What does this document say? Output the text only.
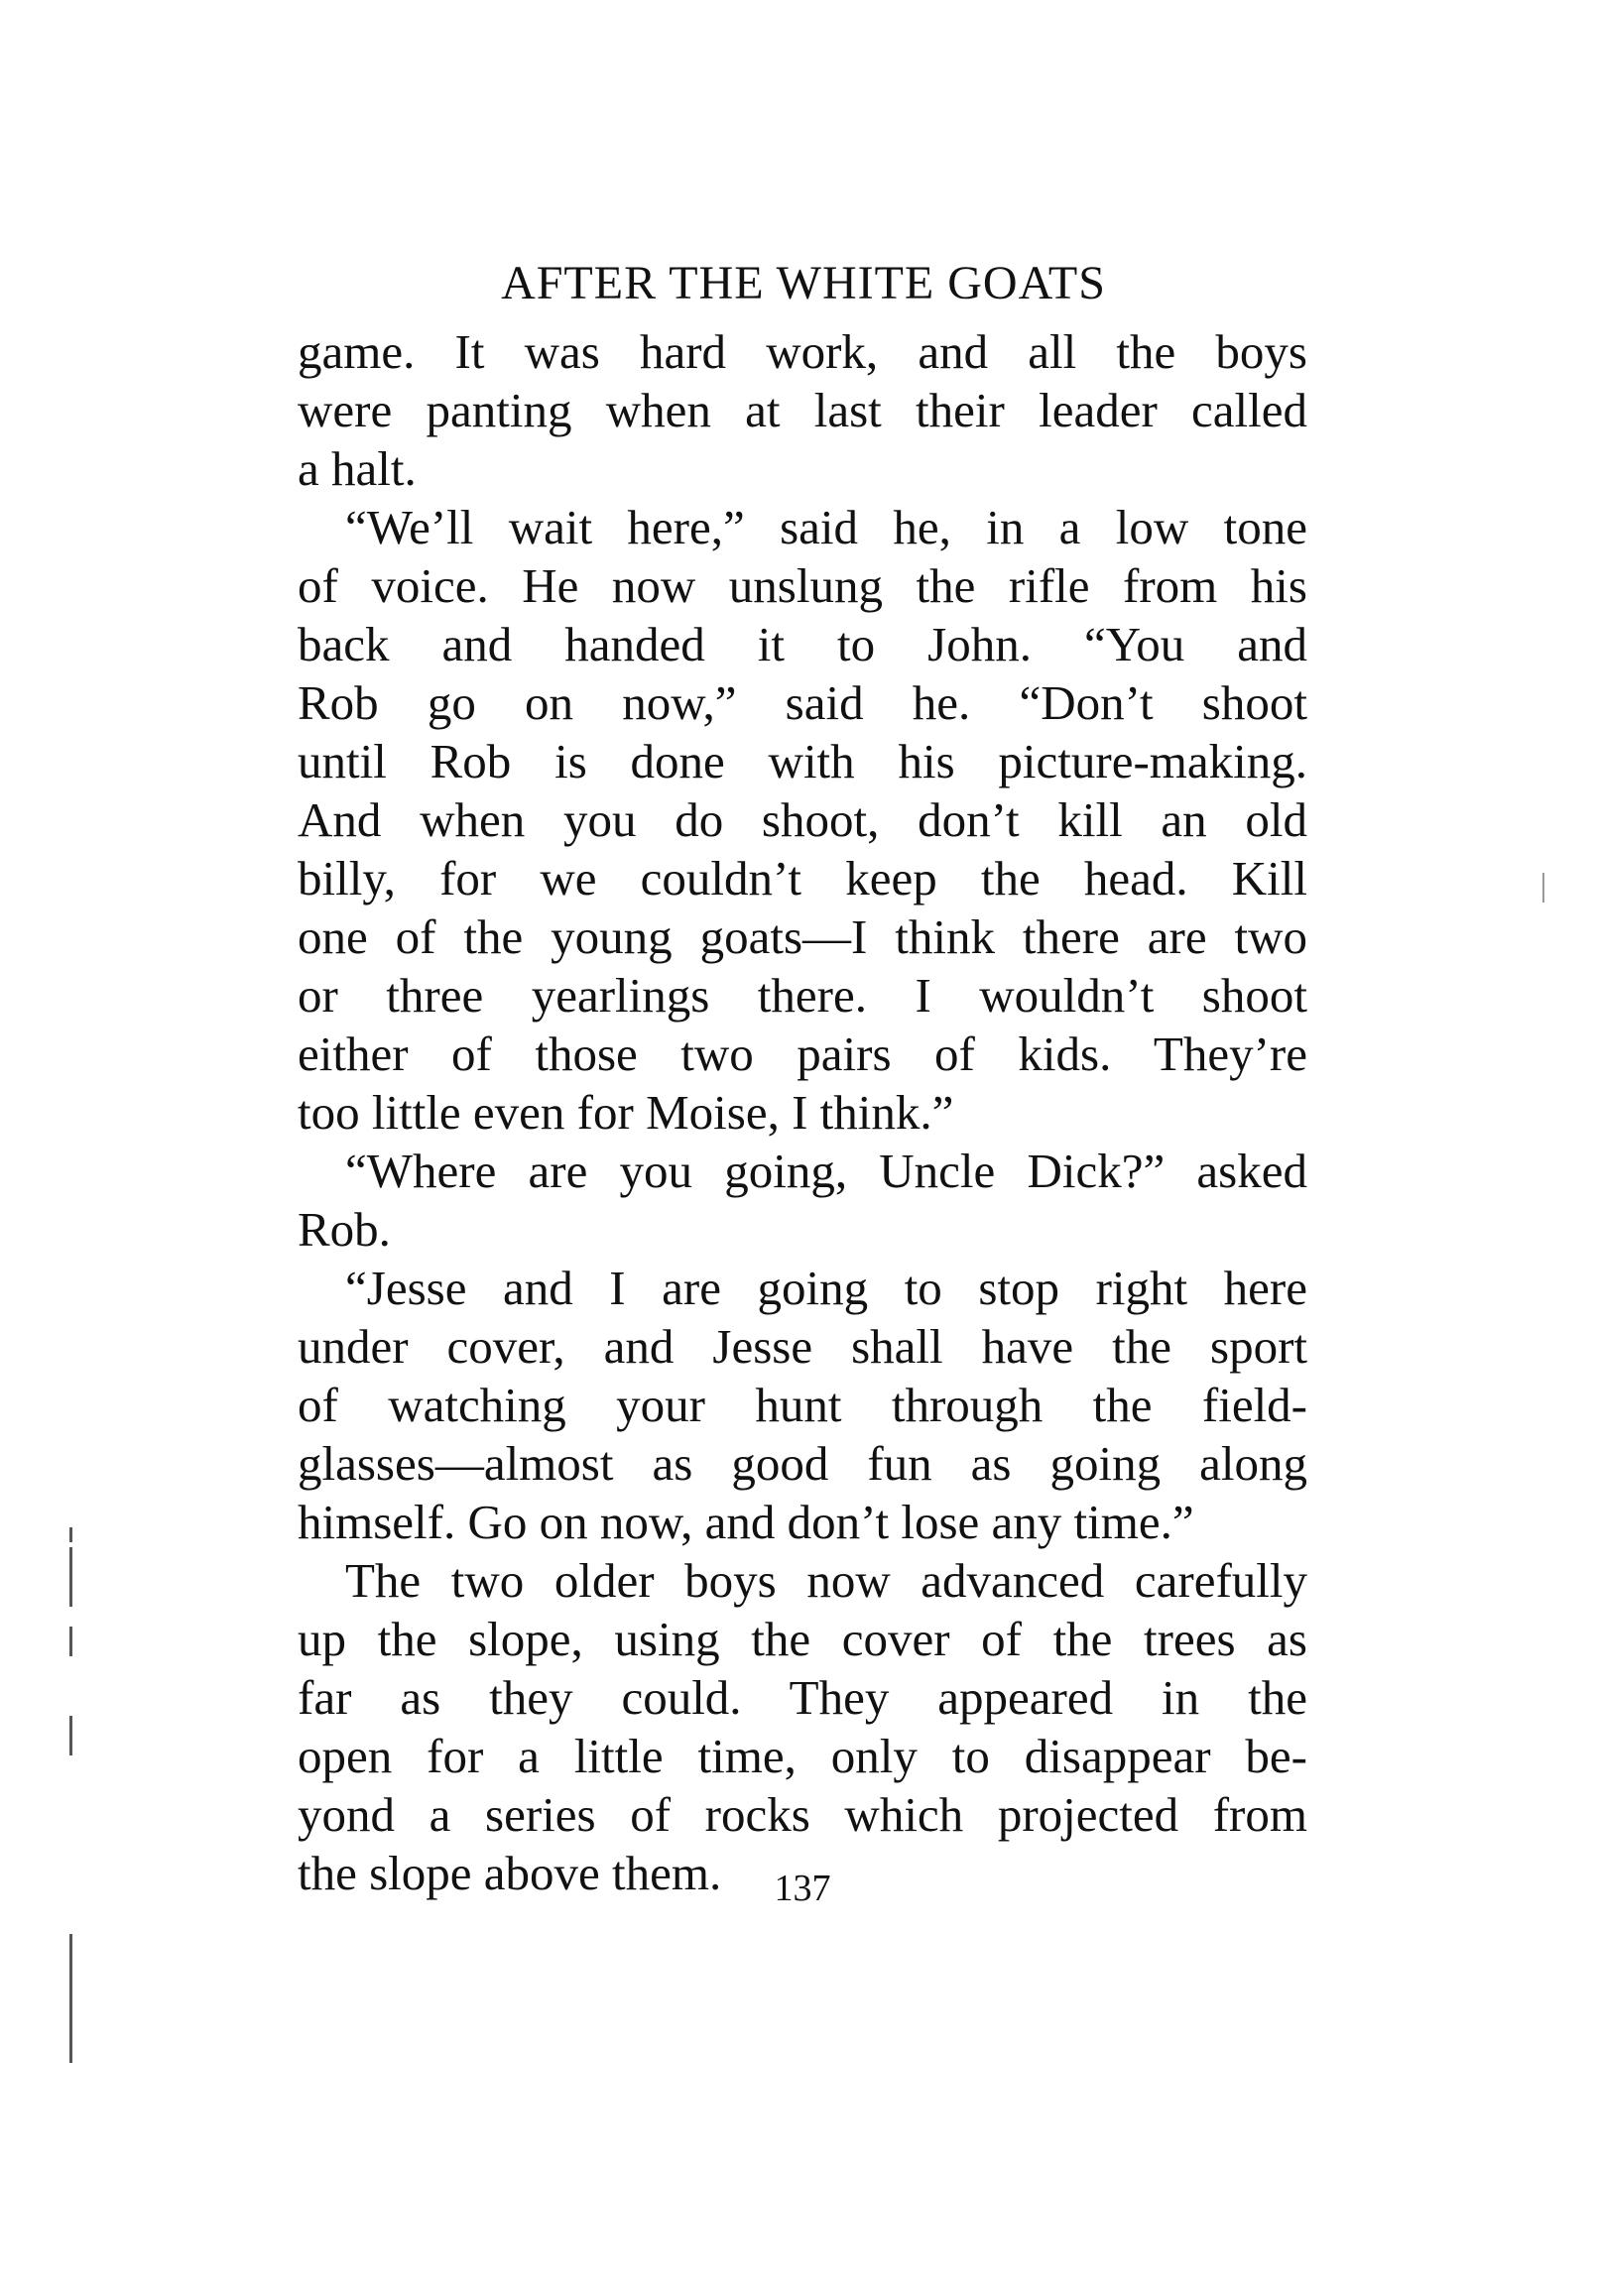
AFTER THE WHITE GOATS
game. It was hard work, and all the boys
were panting when at last their leader called
a halt.
“We’ll wait here,” said he, in a low tone
of voice. He now unslung the rifle from his
back and handed it to John. “You and
Rob go on now,” said he. “Don’t shoot
until Rob is done with his picture-making.
And when you do shoot, don’t kill an old
billy, for we couldn’t keep the head. Kill
one of the young goats—I think there are two
or three yearlings there. I wouldn’t shoot
either of those two pairs of kids. They’re
too little even for Moise, I think.”
“Where are you going, Uncle Dick?” asked
Rob.
“Jesse and I are going to stop right here
under cover, and Jesse shall have the sport
of watching your hunt through the field-
glasses—almost as good fun as going along
himself. Go on now, and don’t lose any time.”
The two older boys now advanced carefully
up the slope, using the cover of the trees as
far as they could. They appeared in the
open for a little time, only to disappear be-
yond a series of rocks which projected from
the slope above them.	137
